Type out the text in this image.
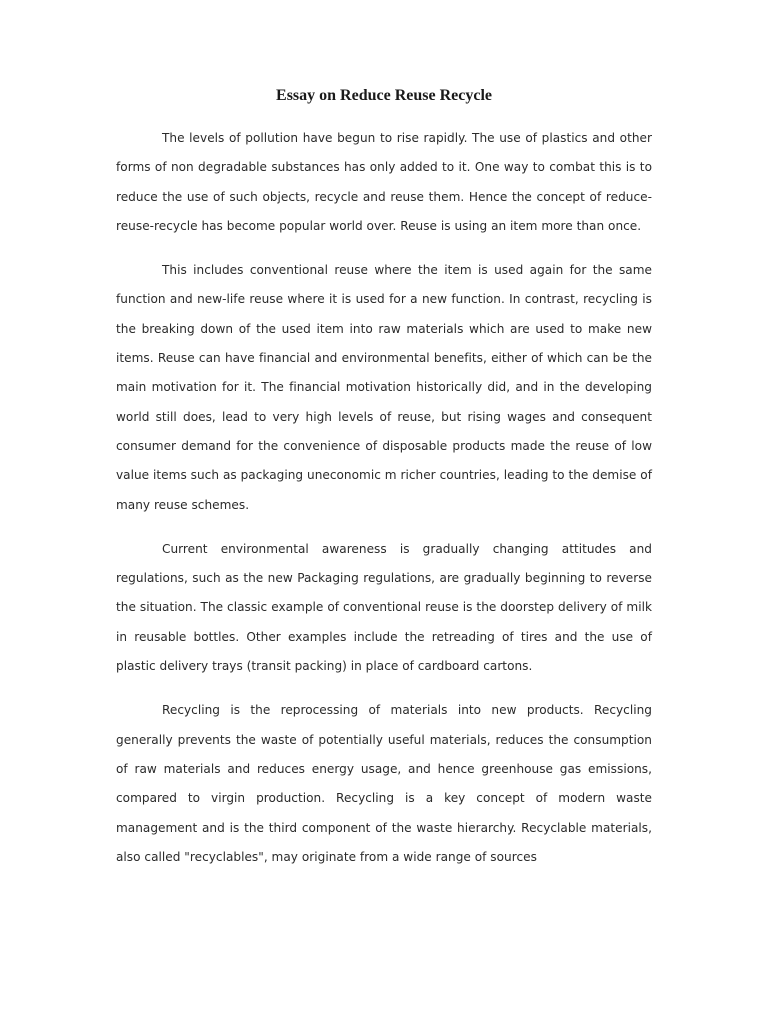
Essay on Reduce Reuse Recycle

The levels of pollution have begun to rise rapidly. The use of plastics and other forms of non degradable substances has only added to it. One way to combat this is to reduce the use of such objects, recycle and reuse them. Hence the concept of reduce-reuse-recycle has become popular world over. Reuse is using an item more than once.

This includes conventional reuse where the item is used again for the same function and new-life reuse where it is used for a new function. In contrast, recycling is the breaking down of the used item into raw materials which are used to make new items. Reuse can have financial and environmental benefits, either of which can be the main motivation for it. The financial motivation historically did, and in the developing world still does, lead to very high levels of reuse, but rising wages and consequent consumer demand for the convenience of disposable products made the reuse of low value items such as packaging uneconomic m richer countries, leading to the demise of many reuse schemes.

Current environmental awareness is gradually changing attitudes and regulations, such as the new Packaging regulations, are gradually beginning to reverse the situation. The classic example of conventional reuse is the doorstep delivery of milk in reusable bottles. Other examples include the retreading of tires and the use of plastic delivery trays (transit packing) in place of cardboard cartons.

Recycling is the reprocessing of materials into new products. Recycling generally prevents the waste of potentially useful materials, reduces the consumption of raw materials and reduces energy usage, and hence greenhouse gas emissions, compared to virgin production. Recycling is a key concept of modern waste management and is the third component of the waste hierarchy. Recyclable materials, also called "recyclables", may originate from a wide range of sources
